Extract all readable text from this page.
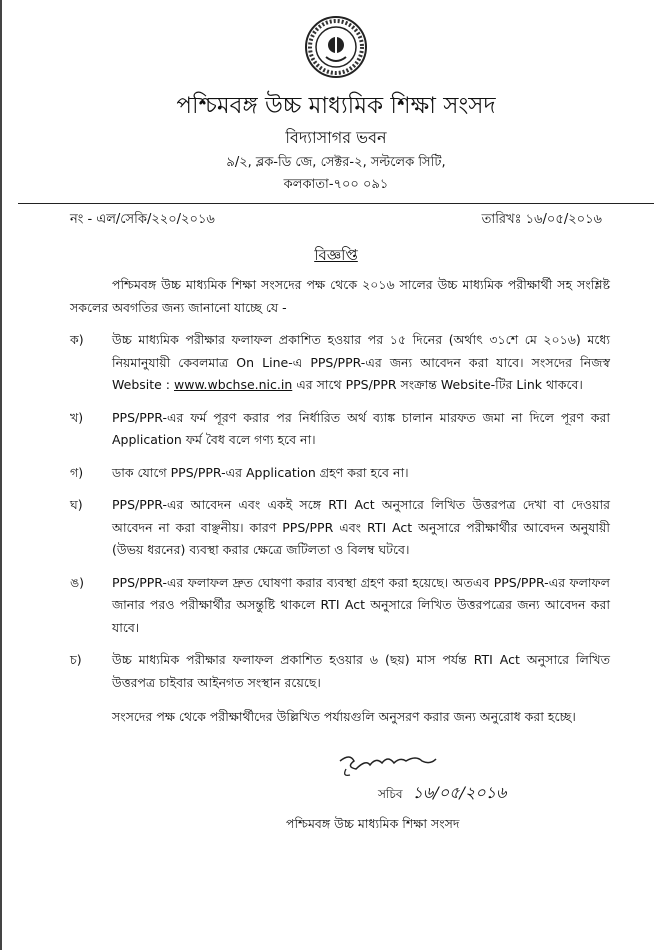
পশ্চিমবঙ্গ উচ্চ মাধ্যমিক শিক্ষা সংসদ
বিদ্যাসাগর ভবন
৯/২, ব্লক-ডি জে, সেক্টর-২, সল্টলেক সিটি,
কলকাতা-৭০০ ০৯১
নং - এল/সেকি/২২০/২০১৬	তারিখঃ ১৬/০৫/২০১৬
বিজ্ঞপ্তি
পশ্চিমবঙ্গ উচ্চ মাধ্যমিক শিক্ষা সংসদের পক্ষ থেকে ২০১৬ সালের উচ্চ মাধ্যমিক পরীক্ষার্থী সহ সংশ্লিষ্ট সকলের অবগতির জন্য জানানো যাচ্ছে যে -
ক)	উচ্চ মাধ্যমিক পরীক্ষার ফলাফল প্রকাশিত হওয়ার পর ১৫ দিনের (অর্থাৎ ৩১শে মে ২০১৬) মধ্যে নিয়মানুযায়ী কেবলমাত্র On Line-এ PPS/PPR-এর জন্য আবেদন করা যাবে। সংসদের নিজস্ব Website : www.wbchse.nic.in এর সাথে PPS/PPR সংক্রান্ত Website-টির Link থাকবে।
খ)	PPS/PPR-এর ফর্ম পূরণ করার পর নির্ধারিত অর্থ ব্যাঙ্ক চালান মারফত জমা না দিলে পূরণ করা Application ফর্ম বৈধ বলে গণ্য হবে না।
গ)	ডাক যোগে PPS/PPR-এর Application গ্রহণ করা হবে না।
ঘ)	PPS/PPR-এর আবেদন এবং একই সঙ্গে RTI Act অনুসারে লিখিত উত্তরপত্র দেখা বা দেওয়ার আবেদন না করা বাঞ্ছনীয়। কারণ PPS/PPR এবং RTI Act অনুসারে পরীক্ষার্থীর আবেদন অনুযায়ী (উভয় ধরনের) ব্যবস্থা করার ক্ষেত্রে জটিলতা ও বিলম্ব ঘটবে।
ঙ)	PPS/PPR-এর ফলাফল দ্রুত ঘোষণা করার ব্যবস্থা গ্রহণ করা হয়েছে। অতএব PPS/PPR-এর ফলাফল জানার পরও পরীক্ষার্থীর অসন্তুষ্টি থাকলে RTI Act অনুসারে লিখিত উত্তরপত্রের জন্য আবেদন করা যাবে।
চ)	উচ্চ মাধ্যমিক পরীক্ষার ফলাফল প্রকাশিত হওয়ার ৬ (ছয়) মাস পর্যন্ত RTI Act অনুসারে লিখিত উত্তরপত্র চাইবার আইনগত সংস্থান রয়েছে।
সংসদের পক্ষ থেকে পরীক্ষার্থীদের উল্লিখিত পর্যায়গুলি অনুসরণ করার জন্য অনুরোধ করা হচ্ছে।
সচিব ১৬/০৫/২০১৬
পশ্চিমবঙ্গ উচ্চ মাধ্যমিক শিক্ষা সংসদ
